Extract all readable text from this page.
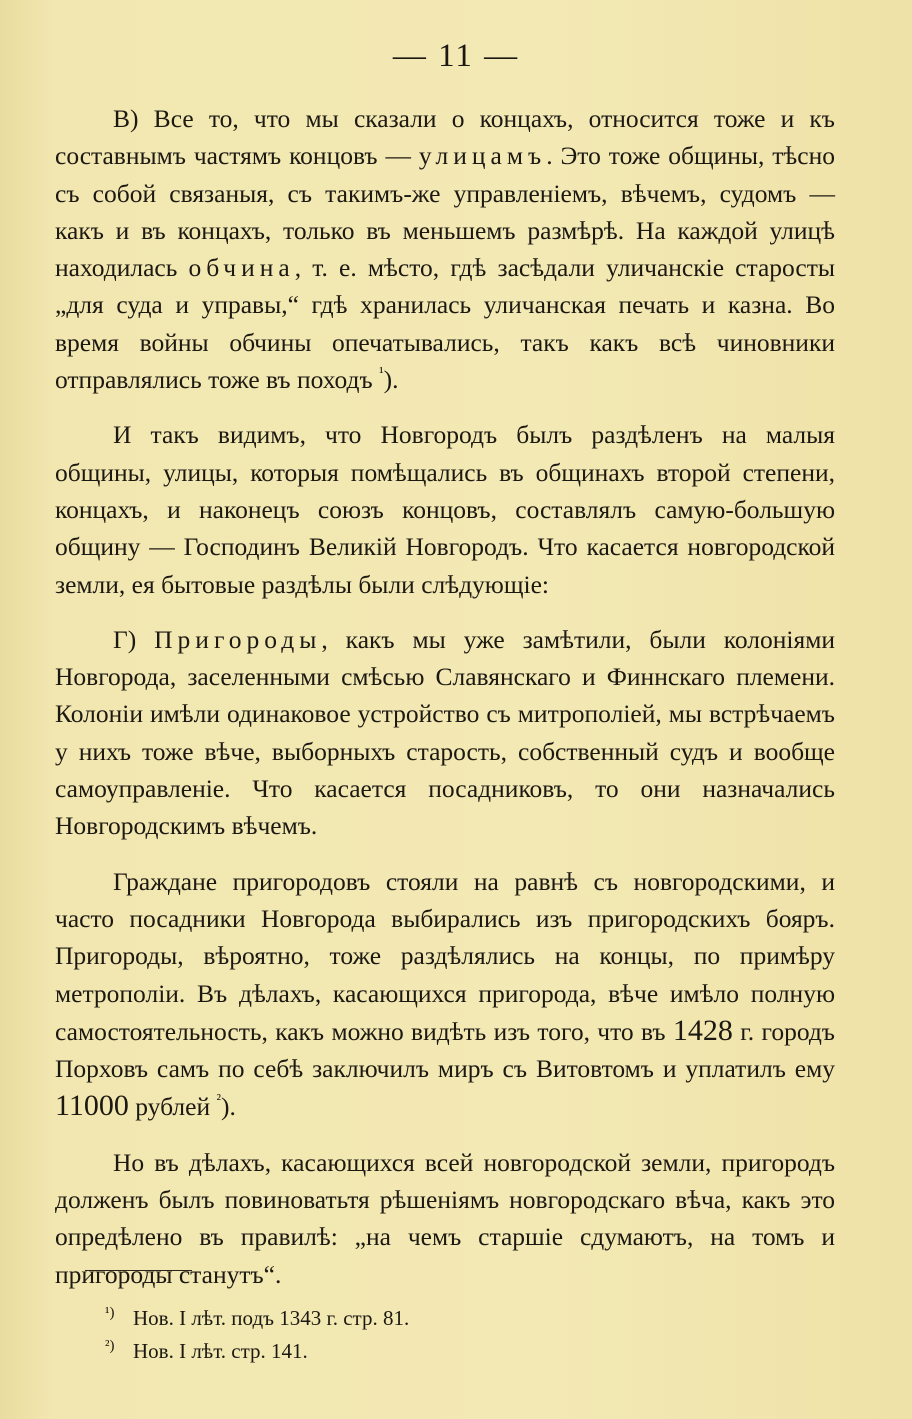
— 11 —

В) Все то, что мы сказали о концахъ, относится тоже и къ составнымъ частямъ концовъ — улицамъ. Это тоже общины, тѣсно съ собой связаныя, съ такимъ-же управленіемъ, вѣчемъ, судомъ — какъ и въ концахъ, только въ меньшемъ размѣрѣ. На каждой улицѣ находилась обчина, т. е. мѣсто, гдѣ засѣдали уличанскіе старосты „для суда и управы,“ гдѣ хранилась уличанская печать и казна. Во время войны обчины опечатывались, такъ какъ всѣ чиновники отправлялись тоже въ походъ $^{^1}$).

И такъ видимъ, что Новгородъ былъ раздѣленъ на малыя общины, улицы, которыя помѣщались въ общинахъ второй степени, концахъ, и наконецъ союзъ концовъ, составлялъ самую-большую общину — Господинъ Великій Новгородъ. Что касается новгородской земли, ея бытовые раздѣлы были слѣдующіе:

Г) Пригороды, какъ мы уже замѣтили, были колоніями Новгорода, заселенными смѣсью Славянскаго и Финнскаго племени. Колоніи имѣли одинаковое устройство съ митрополіей, мы встрѣчаемъ у нихъ тоже вѣче, выборныхъ старость, собственный судъ и вообще самоуправленіе. Что касается посадниковъ, то они назначались Новгородскимъ вѣчемъ.

Граждане пригородовъ стояли на равнѣ съ новгородскими, и часто посадники Новгорода выбирались изъ пригородскихъ бояръ. Пригороды, вѣроятно, тоже раздѣлялись на концы, по примѣру метрополіи. Въ дѣлахъ, касающихся пригорода, вѣче имѣло полную самостоятельность, какъ можно видѣть изъ того, что въ 1428 г. городъ Порховъ самъ по себѣ заключилъ миръ съ Витовтомъ и уплатилъ ему 11000 рублей $^{^2}$).

Но въ дѣлахъ, касающихся всей новгородской земли, пригородъ долженъ былъ повиноватьтя рѣшеніямъ новгородскаго вѣча, какъ это опредѣлено въ правилѣ: „на чемъ старшіе сдумаютъ, на томъ и пригороды станутъ“.

¹) Нов. I лѣт. подъ 1343 г. стр. 81.
²) Нов. I лѣт. стр. 141.
